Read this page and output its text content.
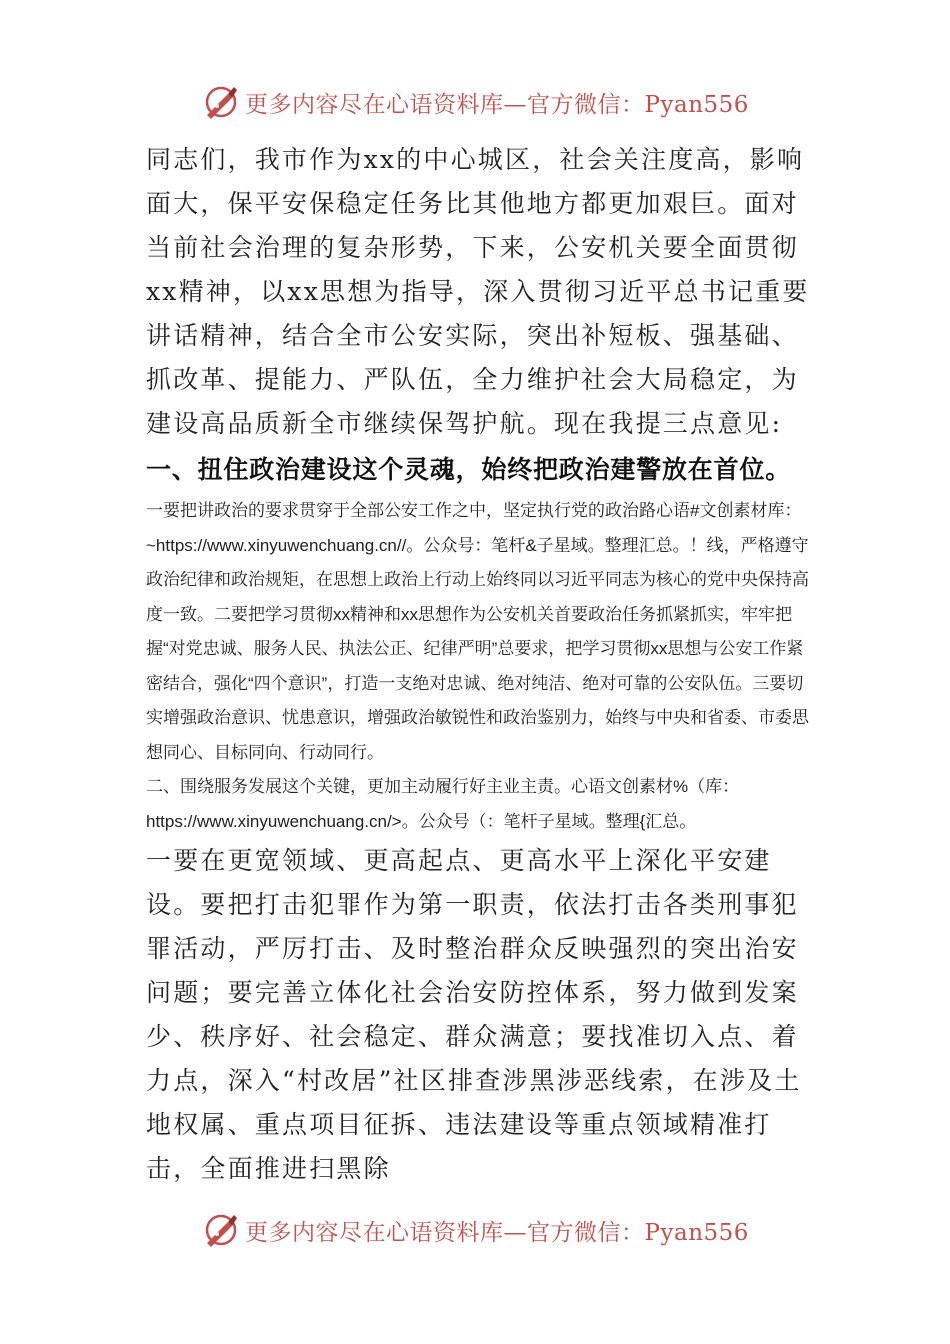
更多内容尽在心语资料库—官方微信：Pyan556

同志们，我市作为xx的中心城区，社会关注度高，影响面大，保平安保稳定任务比其他地方都更加艰巨。面对当前社会治理的复杂形势，下来，公安机关要全面贯彻xx精神，以xx思想为指导，深入贯彻习近平总书记重要讲话精神，结合全市公安实际，突出补短板、强基础、抓改革、提能力、严队伍，全力维护社会大局稳定，为建设高品质新全市继续保驾护航。现在我提三点意见:

一、扭住政治建设这个灵魂，始终把政治建警放在首位。

一要把讲政治的要求贯穿于全部公安工作之中，坚定执行党的政治路心语#文创素材库：~https://www.xinyuwenchuang.cn//。公众号：笔杆&子星域。整理汇总。！线，严格遵守政治纪律和政治规矩，在思想上政治上行动上始终同以习近平同志为核心的党中央保持高度一致。二要把学习贯彻xx精神和xx思想作为公安机关首要政治任务抓紧抓实，牢牢把握“对党忠诚、服务人民、执法公正、纪律严明”总要求，把学习贯彻xx思想与公安工作紧密结合，强化“四个意识”，打造一支绝对忠诚、绝对纯洁、绝对可靠的公安队伍。三要切实增强政治意识、忧患意识，增强政治敏锐性和政治鉴别力，始终与中央和省委、市委思想同心、目标同向、行动同行。

二、围绕服务发展这个关键，更加主动履行好主业主责。心语文创素材%（库：https://www.xinyuwenchuang.cn/>。公众号（：笔杆子星域。整理{汇总。

一要在更宽领域、更高起点、更高水平上深化平安建设。要把打击犯罪作为第一职责，依法打击各类刑事犯罪活动，严厉打击、及时整治群众反映强烈的突出治安问题；要完善立体化社会治安防控体系，努力做到发案少、秩序好、社会稳定、群众满意；要找准切入点、着力点，深入“村改居”社区排查涉黑涉恶线索，在涉及土地权属、重点项目征拆、违法建设等重点领域精准打击，全面推进扫黑除

更多内容尽在心语资料库—官方微信：Pyan556
